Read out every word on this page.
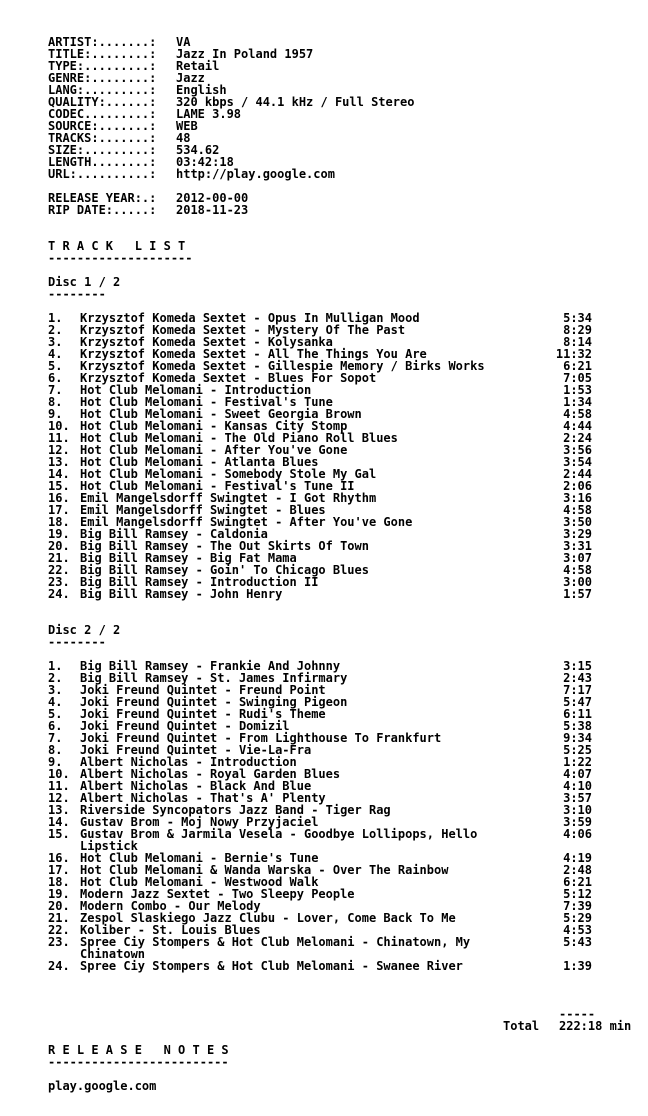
ARTIST:.......: VA
TITLE:........: Jazz In Poland 1957
TYPE:.........: Retail
GENRE:........: Jazz
LANG:.........: English
QUALITY:......: 320 kbps / 44.1 kHz / Full Stereo
CODEC.........: LAME 3.98
SOURCE:.......: WEB
TRACKS:.......: 48
SIZE:.........: 534.62
LENGTH........: 03:42:18
URL:..........: http://play.google.com
RELEASE YEAR:.: 2012-00-00
RIP DATE:.....: 2018-11-23
T R A C K   L I S T
--------------------
Disc 1 / 2
--------
1. Krzysztof Komeda Sextet - Opus In Mulligan Mood	5:34
2. Krzysztof Komeda Sextet - Mystery Of The Past	8:29
3. Krzysztof Komeda Sextet - Kolysanka	8:14
4. Krzysztof Komeda Sextet - All The Things You Are	11:32
5. Krzysztof Komeda Sextet - Gillespie Memory / Birks Works	6:21
6. Krzysztof Komeda Sextet - Blues For Sopot	7:05
7. Hot Club Melomani - Introduction	1:53
8. Hot Club Melomani - Festival's Tune	1:34
9. Hot Club Melomani - Sweet Georgia Brown	4:58
10. Hot Club Melomani - Kansas City Stomp	4:44
11. Hot Club Melomani - The Old Piano Roll Blues	2:24
12. Hot Club Melomani - After You've Gone	3:56
13. Hot Club Melomani - Atlanta Blues	3:54
14. Hot Club Melomani - Somebody Stole My Gal	2:44
15. Hot Club Melomani - Festival's Tune II	2:06
16. Emil Mangelsdorff Swingtet - I Got Rhythm	3:16
17. Emil Mangelsdorff Swingtet - Blues	4:58
18. Emil Mangelsdorff Swingtet - After You've Gone	3:50
19. Big Bill Ramsey - Caldonia	3:29
20. Big Bill Ramsey - The Out Skirts Of Town	3:31
21. Big Bill Ramsey - Big Fat Mama	3:07
22. Big Bill Ramsey - Goin' To Chicago Blues	4:58
23. Big Bill Ramsey - Introduction II	3:00
24. Big Bill Ramsey - John Henry	1:57
Disc 2 / 2
--------
1. Big Bill Ramsey - Frankie And Johnny	3:15
2. Big Bill Ramsey - St. James Infirmary	2:43
3. Joki Freund Quintet - Freund Point	7:17
4. Joki Freund Quintet - Swinging Pigeon	5:47
5. Joki Freund Quintet - Rudi's Theme	6:11
6. Joki Freund Quintet - Domizil	5:38
7. Joki Freund Quintet - From Lighthouse To Frankfurt	9:34
8. Joki Freund Quintet - Vie-La-Fra	5:25
9. Albert Nicholas - Introduction	1:22
10. Albert Nicholas - Royal Garden Blues	4:07
11. Albert Nicholas - Black And Blue	4:10
12. Albert Nicholas - That's A' Plenty	3:57
13. Riverside Syncopators Jazz Band - Tiger Rag	3:10
14. Gustav Brom - Moj Nowy Przyjaciel	3:59
15. Gustav Brom & Jarmila Vesela - Goodbye Lollipops, Hello	4:06
Lipstick
16. Hot Club Melomani - Bernie's Tune	4:19
17. Hot Club Melomani & Wanda Warska - Over The Rainbow	2:48
18. Hot Club Melomani - Westwood Walk	6:21
19. Modern Jazz Sextet - Two Sleepy People	5:12
20. Modern Combo - Our Melody	7:39
21. Zespol Slaskiego Jazz Clubu - Lover, Come Back To Me	5:29
22. Koliber - St. Louis Blues	4:53
23. Spree Ciy Stompers & Hot Club Melomani - Chinatown, My	5:43
Chinatown
24. Spree Ciy Stompers & Hot Club Melomani - Swanee River	1:39
-----
Total 222:18 min
R E L E A S E   N O T E S
-------------------------
play.google.com
